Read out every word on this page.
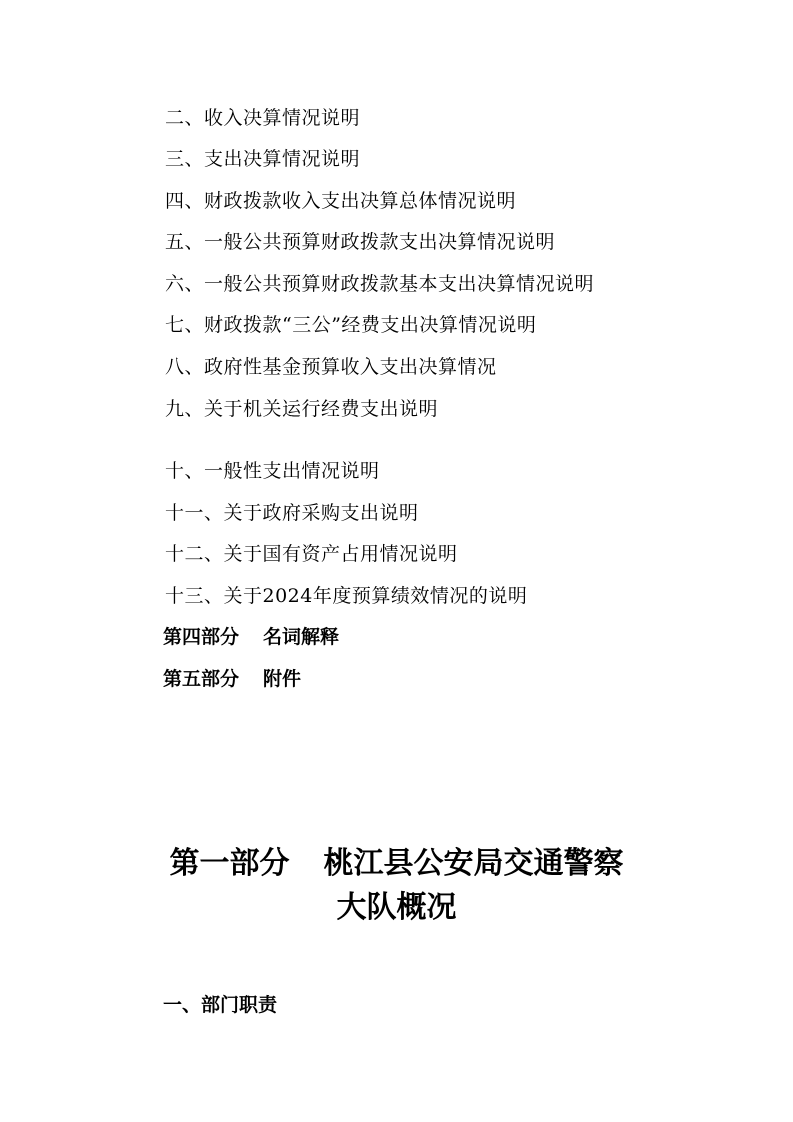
二、收入决算情况说明
三、支出决算情况说明
四、财政拨款收入支出决算总体情况说明
五、一般公共预算财政拨款支出决算情况说明
六、一般公共预算财政拨款基本支出决算情况说明
七、财政拨款“三公”经费支出决算情况说明
八、政府性基金预算收入支出决算情况
九、关于机关运行经费支出说明
十、一般性支出情况说明
十一、关于政府采购支出说明
十二、关于国有资产占用情况说明
十三、关于2024年度预算绩效情况的说明
第四部分 名词解释
第五部分 附件
第一部分 桃江县公安局交通警察
大队概况
一、部门职责
